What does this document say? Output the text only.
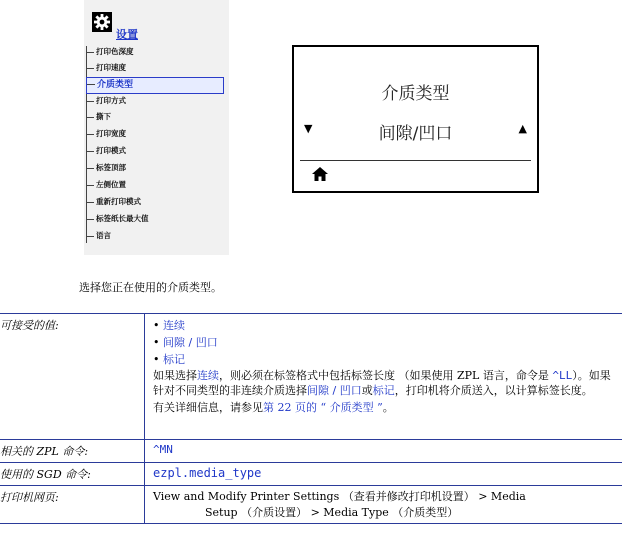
设置
打印色深度
打印速度
介质类型
打印方式
撕下
打印宽度
打印模式
标签顶部
左侧位置
重新打印模式
标签纸长最大值
语言
介质类型
▼	间隙/凹口	▲
选择您正在使用的介质类型。
可接受的值:	• 连续
• 间隙 / 凹口
• 标记
如果选择连续，则必须在标签格式中包括标签长度 （如果使用 ZPL 语言，命令是 ^LL）。如果针对不同类型的非连续介质选择间隙 / 凹口或标记，打印机将介质送入，以计算标签长度。
有关详细信息，请参见第 22 页的 “ 介质类型 ”。

相关的 ZPL 命令:	^MN
使用的 SGD 命令:	ezpl.media_type
打印机网页:	View and Modify Printer Settings （查看并修改打印机设置） > Media
Setup （介质设置） > Media Type （介质类型）
